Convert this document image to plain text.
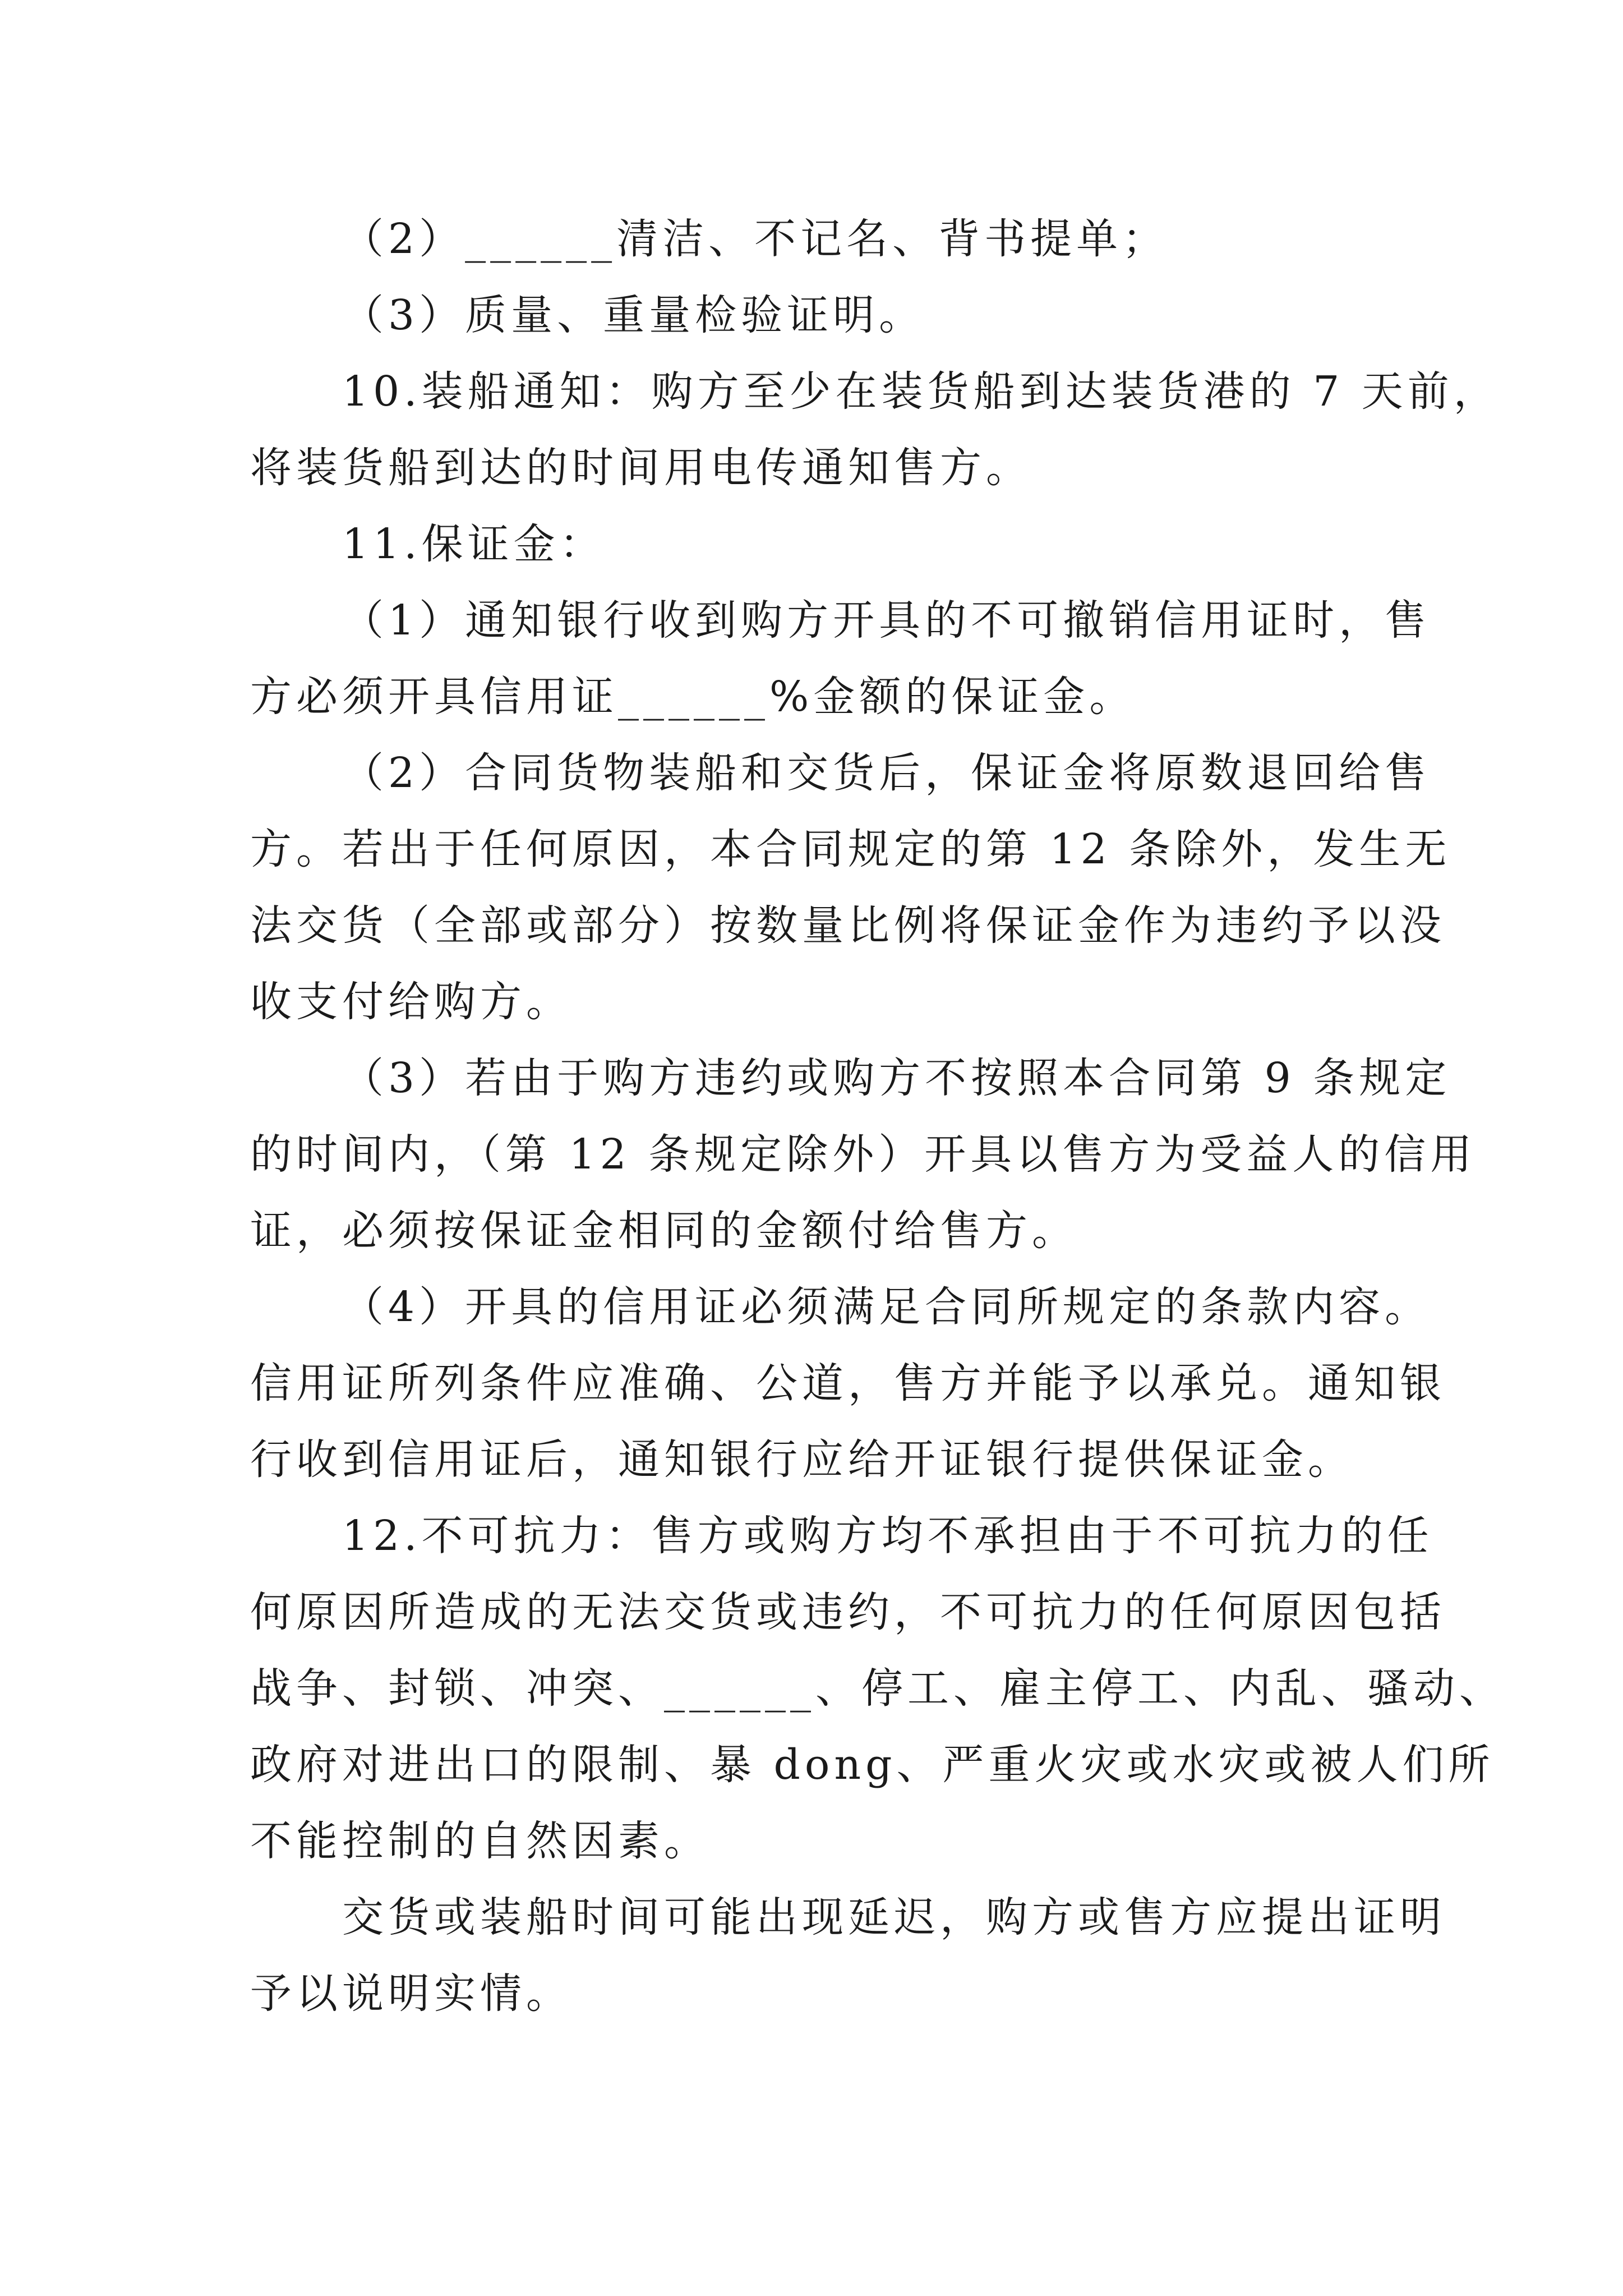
（2）______清洁、不记名、背书提单；

（3）质量、重量检验证明。

10.装船通知：购方至少在装货船到达装货港的 7 天前，

将装货船到达的时间用电传通知售方。

11.保证金：

（1）通知银行收到购方开具的不可撤销信用证时，售

方必须开具信用证______%金额的保证金。

（2）合同货物装船和交货后，保证金将原数退回给售

方。若出于任何原因，本合同规定的第 12 条除外，发生无

法交货（全部或部分）按数量比例将保证金作为违约予以没

收支付给购方。

（3）若由于购方违约或购方不按照本合同第 9 条规定

的时间内，（第 12 条规定除外）开具以售方为受益人的信用

证，必须按保证金相同的金额付给售方。

（4）开具的信用证必须满足合同所规定的条款内容。

信用证所列条件应准确、公道，售方并能予以承兑。通知银

行收到信用证后，通知银行应给开证银行提供保证金。

12.不可抗力：售方或购方均不承担由于不可抗力的任

何原因所造成的无法交货或违约，不可抗力的任何原因包括

战争、封锁、冲突、______、停工、雇主停工、内乱、骚动、

政府对进出口的限制、暴 dong、严重火灾或水灾或被人们所

不能控制的自然因素。

交货或装船时间可能出现延迟，购方或售方应提出证明

予以说明实情。
